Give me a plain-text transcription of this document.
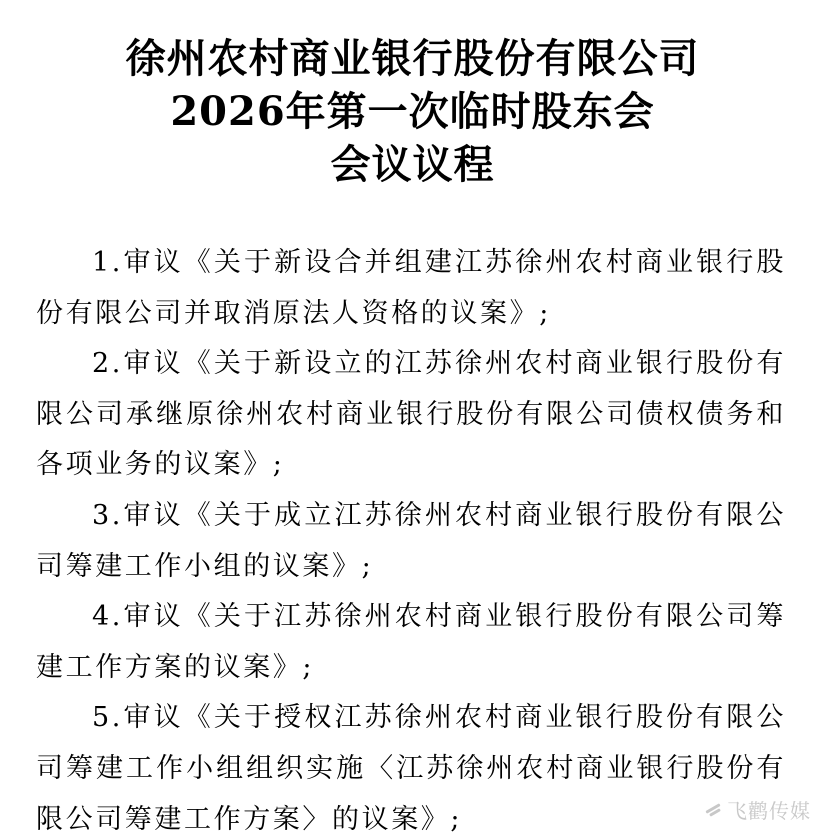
徐州农村商业银行股份有限公司
2026年第一次临时股东会
会议议程

1.审议《关于新设合并组建江苏徐州农村商业银行股份有限公司并取消原法人资格的议案》;

2.审议《关于新设立的江苏徐州农村商业银行股份有限公司承继原徐州农村商业银行股份有限公司债权债务和各项业务的议案》;

3.审议《关于成立江苏徐州农村商业银行股份有限公司筹建工作小组的议案》;

4.审议《关于江苏徐州农村商业银行股份有限公司筹建工作方案的议案》;

5.审议《关于授权江苏徐州农村商业银行股份有限公司筹建工作小组组织实施〈江苏徐州农村商业银行股份有限公司筹建工作方案〉的议案》;	飞鹳传媒
